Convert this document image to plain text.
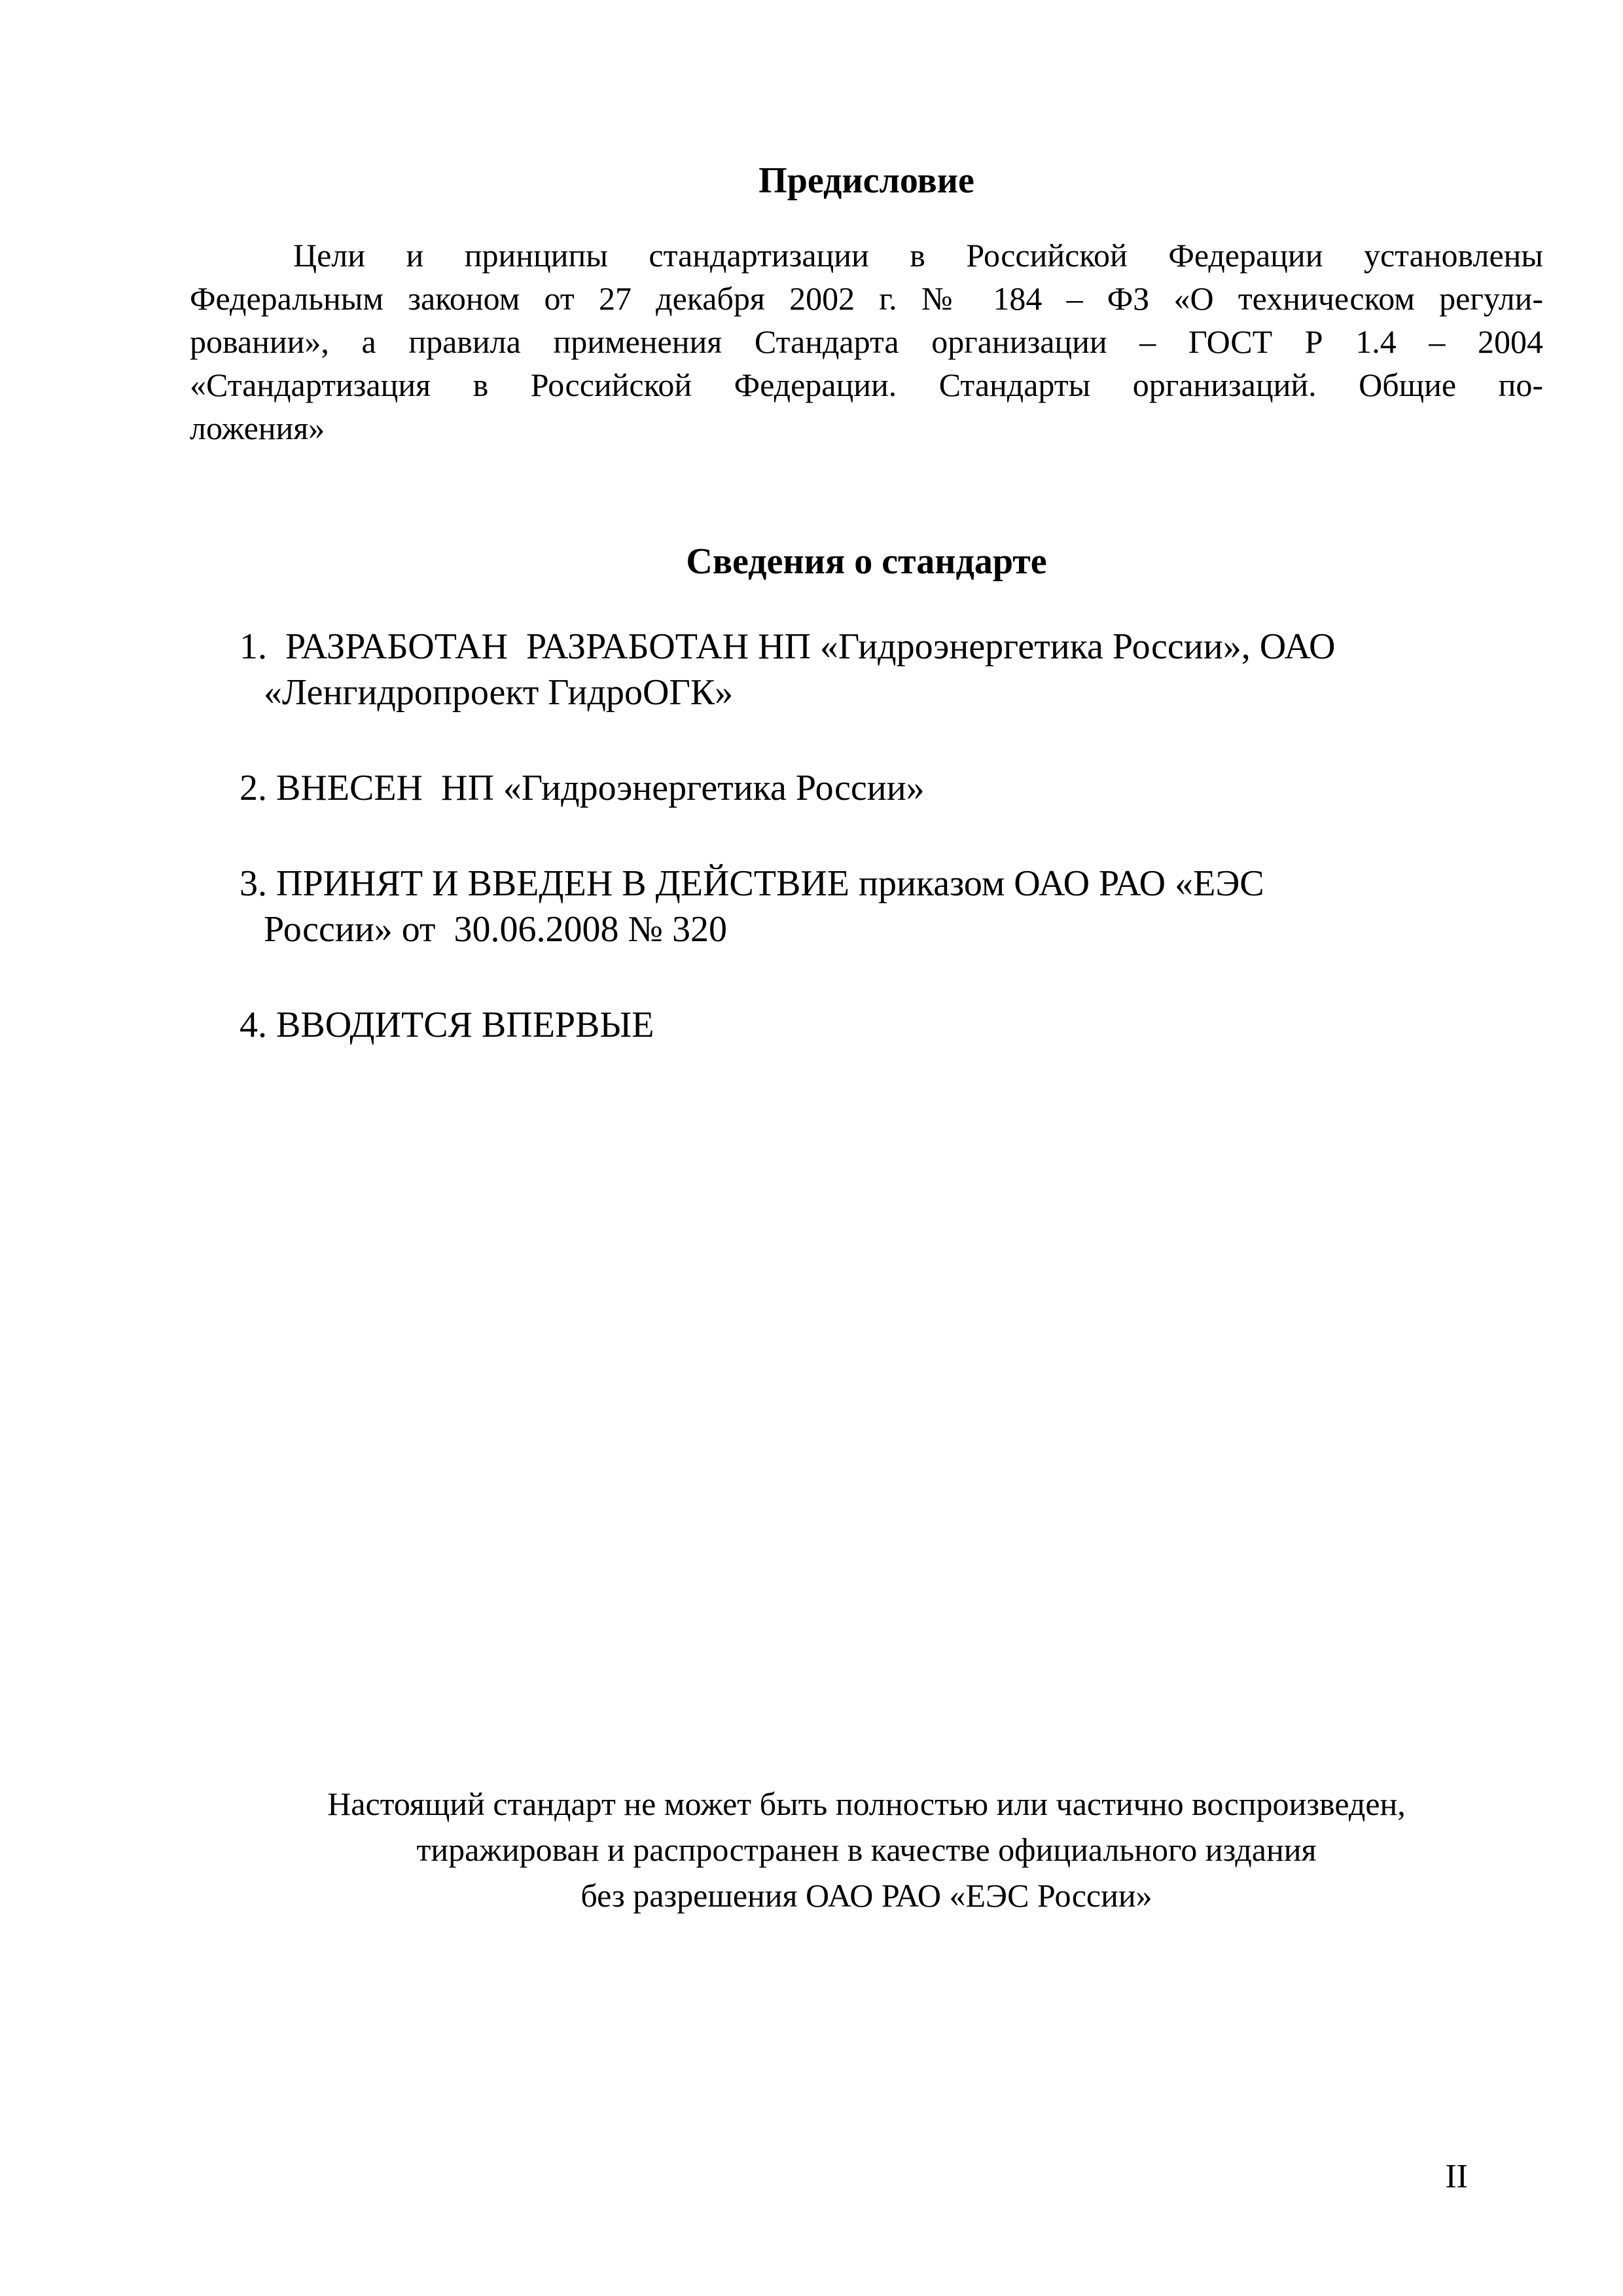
Предисловие
Цели и принципы стандартизации в Российской Федерации установлены
Федеральным законом от 27 декабря 2002 г. № 184 – ФЗ «О техническом регули-
ровании», а правила применения Стандарта организации – ГОСТ Р 1.4 – 2004
«Стандартизация в Российской Федерации. Стандарты организаций. Общие по-
ложения»
Сведения о стандарте
1.  РАЗРАБОТАН  РАЗРАБОТАН НП «Гидроэнергетика России», ОАО
«Ленгидропроект ГидроОГК»
2. ВНЕСЕН  НП «Гидроэнергетика России»
3. ПРИНЯТ И ВВЕДЕН В ДЕЙСТВИЕ приказом ОАО РАО «ЕЭС
России» от  30.06.2008 № 320
4. ВВОДИТСЯ ВПЕРВЫЕ
Настоящий стандарт не может быть полностью или частично воспроизведен,
тиражирован и распространен в качестве официального издания
без разрешения ОАО РАО «ЕЭС России»
II
